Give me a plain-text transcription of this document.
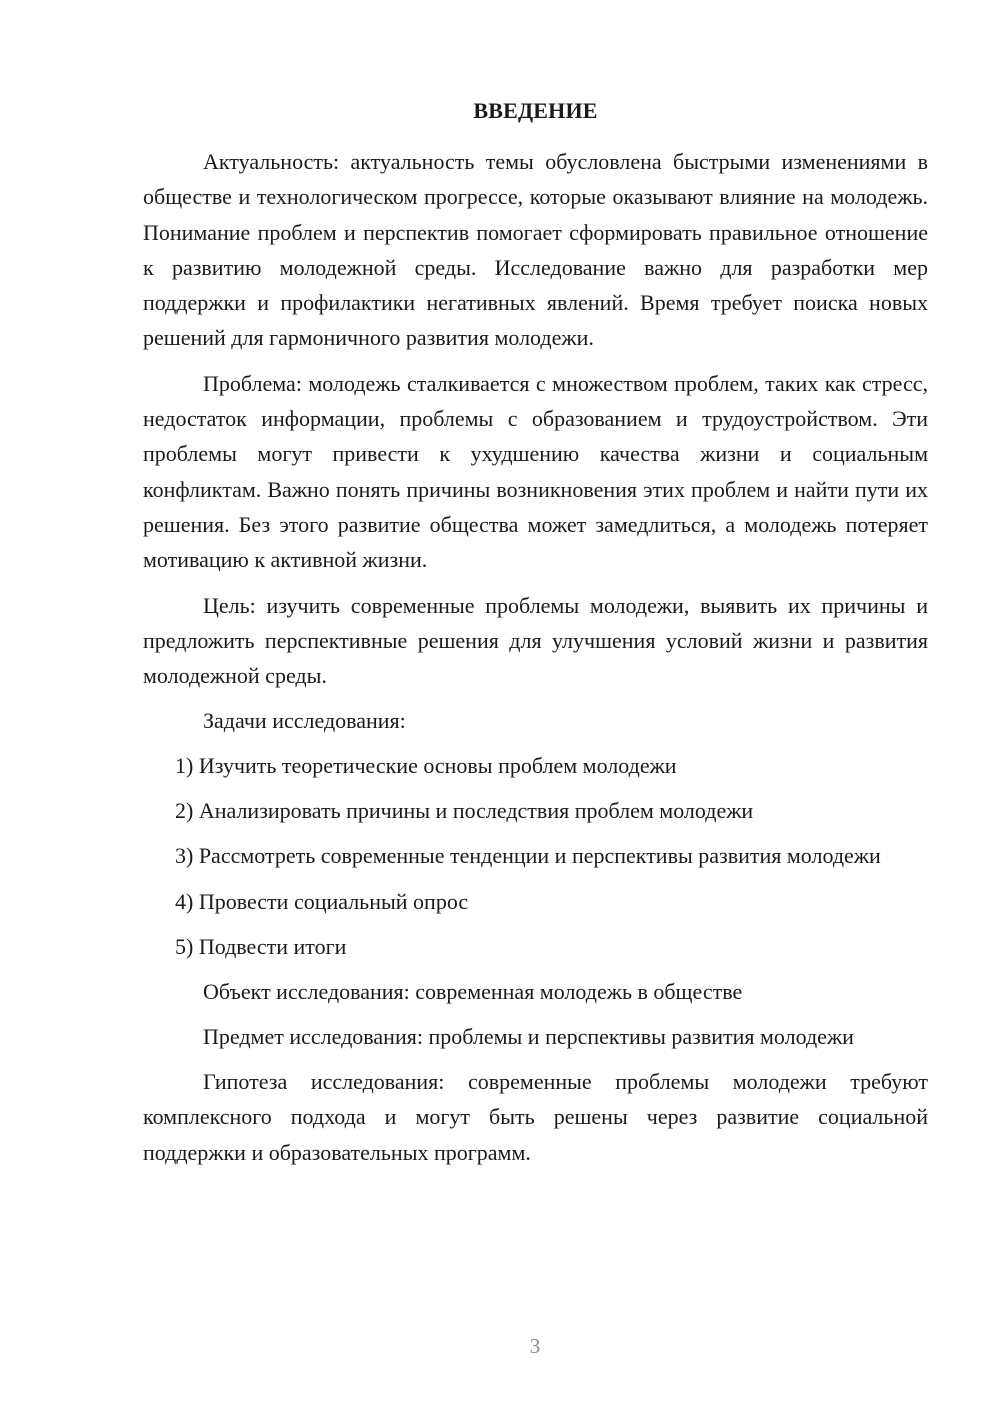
ВВЕДЕНИЕ

Актуальность: актуальность темы обусловлена быстрыми изменениями в обществе и технологическом прогрессе, которые оказывают влияние на молодежь. Понимание проблем и перспектив помогает сформировать правильное отношение к развитию молодежной среды. Исследование важно для разработки мер поддержки и профилактики негативных явлений. Время требует поиска новых решений для гармоничного развития молодежи.

Проблема: молодежь сталкивается с множеством проблем, таких как стресс, недостаток информации, проблемы с образованием и трудоустройством. Эти проблемы могут привести к ухудшению качества жизни и социальным конфликтам. Важно понять причины возникновения этих проблем и найти пути их решения. Без этого развитие общества может замедлиться, а молодежь потеряет мотивацию к активной жизни.

Цель: изучить современные проблемы молодежи, выявить их причины и предложить перспективные решения для улучшения условий жизни и развития молодежной среды.

Задачи исследования:
1) Изучить теоретические основы проблем молодежи
2) Анализировать причины и последствия проблем молодежи

3) Рассмотреть современные тенденции и перспективы развития молодежи

4) Провести социальный опрос
5) Подвести итоги
Объект исследования: современная молодежь в обществе

Предмет исследования: проблемы и перспективы развития молодежи

Гипотеза исследования: современные проблемы молодежи требуют комплексного подхода и могут быть решены через развитие социальной поддержки и образовательных программ.

3
